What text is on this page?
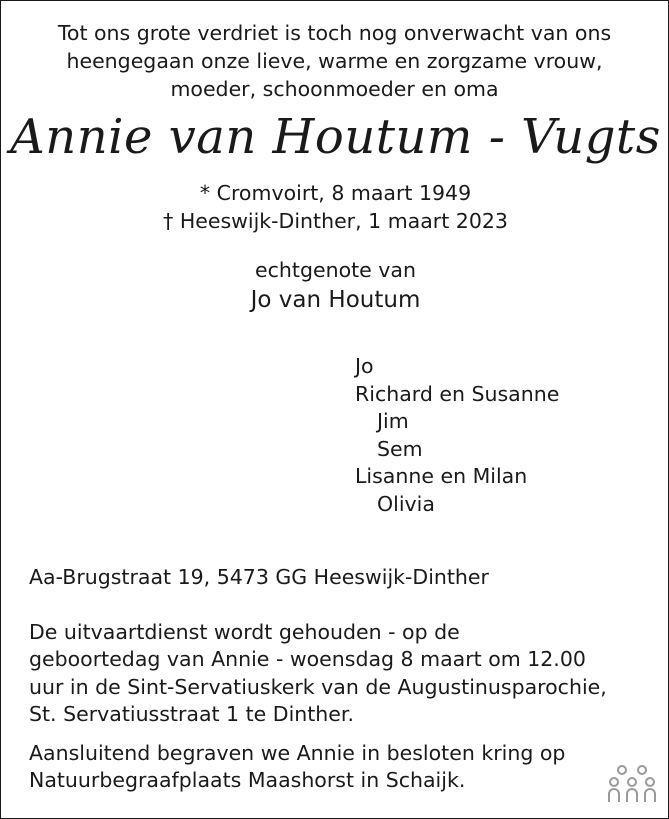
Tot ons grote verdriet is toch nog onverwacht van ons
heengegaan onze lieve, warme en zorgzame vrouw,
moeder, schoonmoeder en oma
Annie van Houtum - Vugts
* Cromvoirt, 8 maart 1949
† Heeswijk-Dinther, 1 maart 2023
echtgenote van
Jo van Houtum
Jo
Richard en Susanne
Jim
Sem
Lisanne en Milan
Olivia
Aa-Brugstraat 19, 5473 GG Heeswijk-Dinther
De uitvaartdienst wordt gehouden - op de
geboortedag van Annie - woensdag 8 maart om 12.00
uur in de Sint-Servatiuskerk van de Augustinusparochie,
St. Servatiusstraat 1 te Dinther.
Aansluitend begraven we Annie in besloten kring op
Natuurbegraafplaats Maashorst in Schaijk.
